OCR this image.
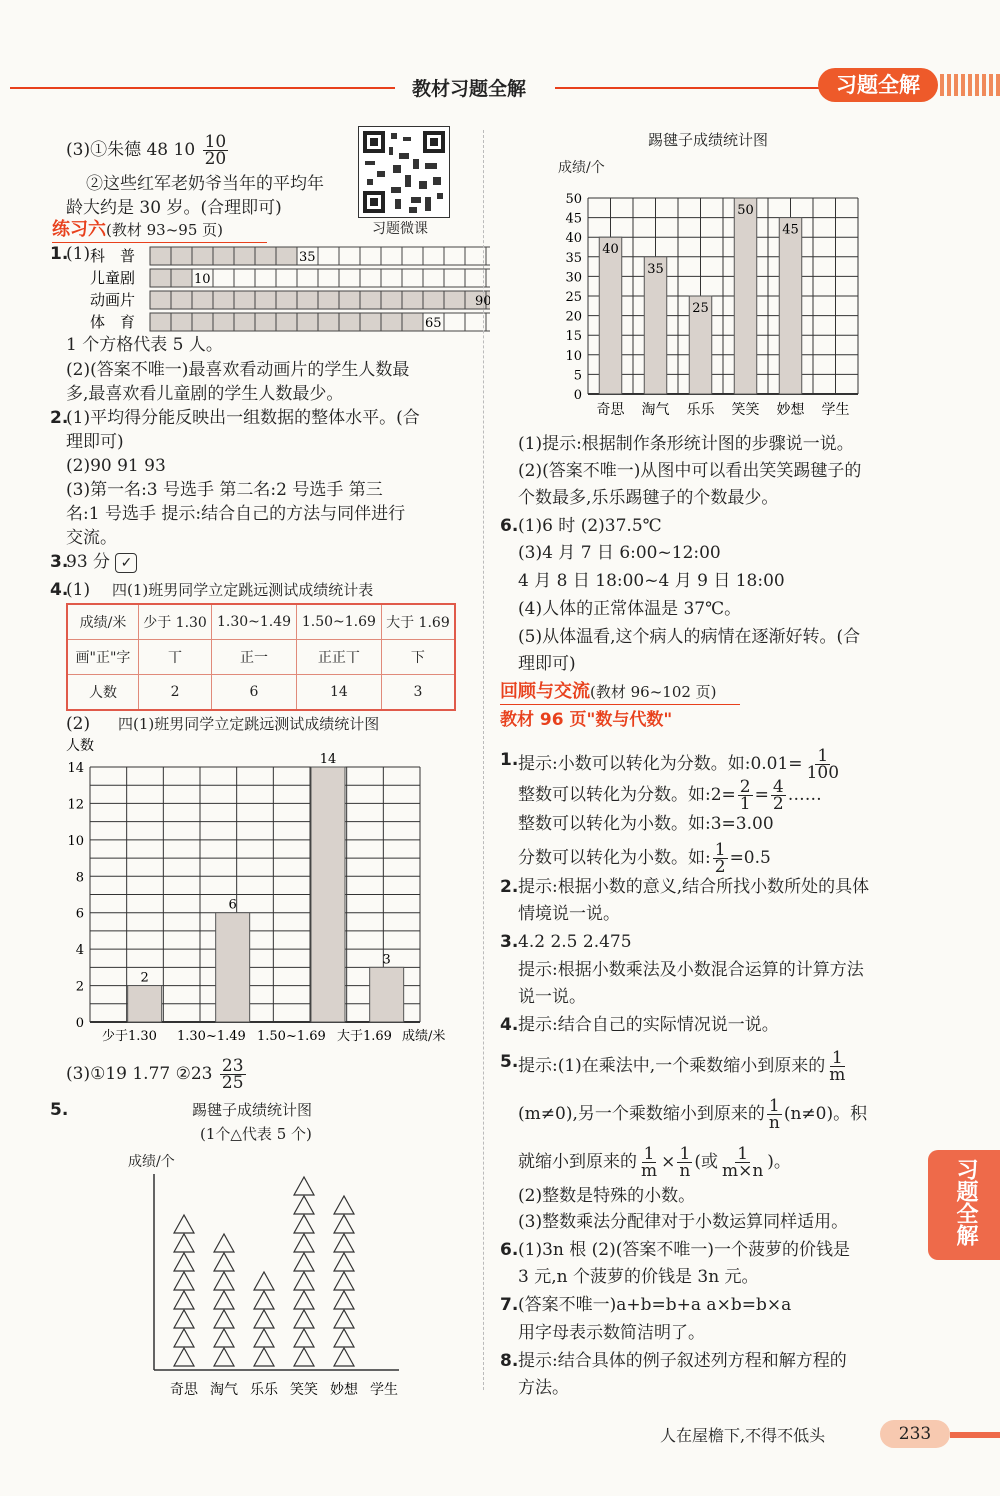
教材习题全解	习题全解
(3)①朱德 48 $10 \frac{10}{20}$
②这些红军老奶爷当年的平均年
龄大约是 30 岁。(合理即可)
习题微课
练习六(教材 93~95 页)
1.
(1) 科　普	35
儿童剧	10
动画片	90
体　育	65
1 个方格代表 5 人。
(2)(答案不唯一)最喜欢看动画片的学生人数最
多,最喜欢看儿童剧的学生人数最少。
2.
(1)平均得分能反映出一组数据的整体水平。(合
理即可)
(2)90 91 93
(3)第一名:3 号选手 第二名:2 号选手 第三
名:1 号选手 提示:结合自己的方法与同伴进行
交流。
3.
93 分 ✓
4.
(1) 四(1)班男同学立定跳远测试成绩统计表
成绩/米	少于 1.30	1.30~1.49	1.50~1.69	大于 1.69
画"正"字	丅	正一	正正丅	下
人数	2	6	14	3
(2) 四(1)班男同学立定跳远测试成绩统计图
人数
0
2
4
6
8
10
12
14
2
6
14
3
少于1.30 1.30~1.49 1.50~1.69 大于1.69 成绩/米
(3)①19 1.77 ②23 $\frac{23}{25}$
5.	踢毽子成绩统计图
(1个△代表 5 个)
成绩/个
奇思 淘气 乐乐 笑笑 妙想 学生
踢毽子成绩统计图
成绩/个
0
5
10
15
20
25
30
35
40
45
50
40
35
25
50
45
奇思 淘气 乐乐 笑笑 妙想 学生
(1)提示:根据制作条形统计图的步骤说一说。
(2)(答案不唯一)从图中可以看出笑笑踢毽子的
个数最多,乐乐踢毽子的个数最少。
6. (1)6 时 (2)37.5℃
(3)4 月 7 日 6:00~12:00
4 月 8 日 18:00~4 月 9 日 18:00
(4)人体的正常体温是 37℃。
(5)从体温看,这个病人的病情在逐渐好转。(合
理即可)
回顾与交流(教材 96~102 页)
教材 96 页"数与代数"
1. 提示:小数可以转化为分数。如:0.01= $\frac{1}{100}$
整数可以转化为分数。如:2= $\frac{2}{1} = \frac{4}{2}$ ……
整数可以转化为小数。如:3=3.00
分数可以转化为小数。如: $\frac{1}{2} =0.5$
2. 提示:根据小数的意义,结合所找小数所处的具体
情境说一说。
3. 4.2 2.5 2.475
提示:根据小数乘法及小数混合运算的计算方法
说一说。
4. 提示:结合自己的实际情况说一说。
5. 提示:(1)在乘法中,一个乘数缩小到原来的 $\frac{1}{m}$
(m≠0),另一个乘数缩小到原来的 $\frac{1}{n} (n\ne 0)$。积
就缩小到原来的 $\frac{1}{m} \times \frac{1}{n}$ (或 $\frac{1}{m\times n}$ )。
(2)整数是特殊的小数。
(3)整数乘法分配律对于小数运算同样适用。
6. (1)3n 根 (2)(答案不唯一)一个菠萝的价钱是
3 元,n 个菠萝的价钱是 3n 元。
7. (答案不唯一)a+b=b+a a×b=b×a
用字母表示数简洁明了。
8. 提示:结合具体的例子叙述列方程和解方程的
方法。
习题全解
人在屋檐下,不得不低头	233
